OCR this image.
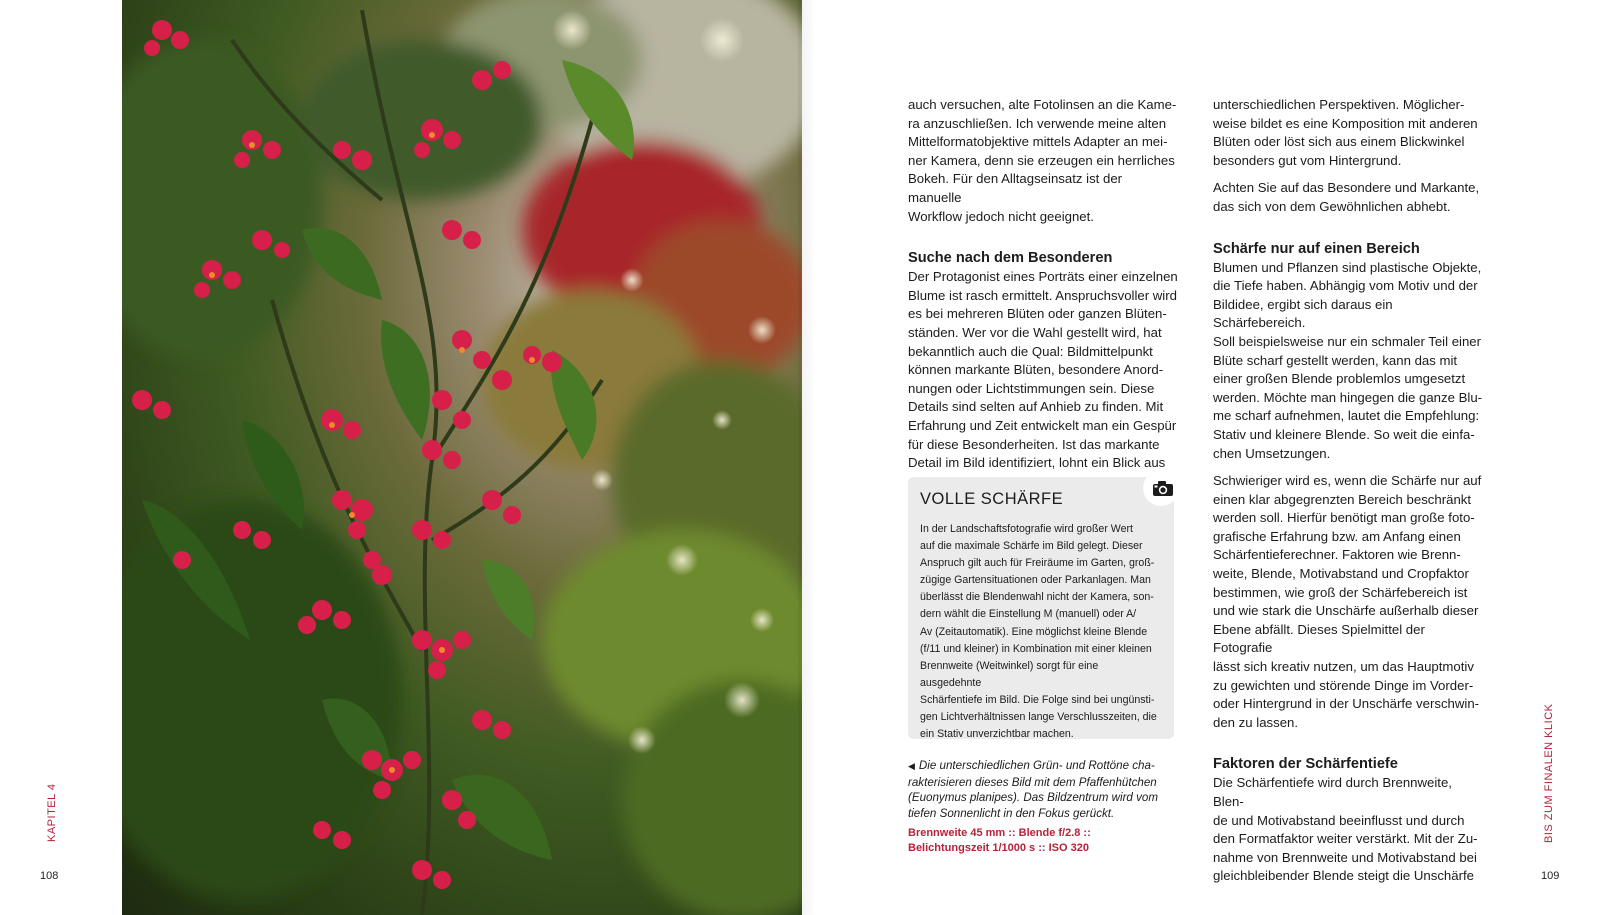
KAPITEL 4
108

auch versuchen, alte Fotolinsen an die Kame-
ra anzuschließen. Ich verwende meine alten
Mittelformatobjektive mittels Adapter an mei-
ner Kamera, denn sie erzeugen ein herrliches
Bokeh. Für den Alltagseinsatz ist der manuelle
Workflow jedoch nicht geeignet.

Suche nach dem Besonderen

Der Protagonist eines Porträts einer einzelnen
Blume ist rasch ermittelt. Anspruchsvoller wird
es bei mehreren Blüten oder ganzen Blüten-
ständen. Wer vor die Wahl gestellt wird, hat
bekanntlich auch die Qual: Bildmittelpunkt
können markante Blüten, besondere Anord-
nungen oder Lichtstimmungen sein. Diese
Details sind selten auf Anhieb zu finden. Mit
Erfahrung und Zeit entwickelt man ein Gespür
für diese Besonderheiten. Ist das markante
Detail im Bild identifiziert, lohnt ein Blick aus

VOLLE SCHÄRFE
In der Landschaftsfotografie wird großer Wert
auf die maximale Schärfe im Bild gelegt. Dieser
Anspruch gilt auch für Freiräume im Garten, groß-
zügige Gartensituationen oder Parkanlagen. Man
überlässt die Blendenwahl nicht der Kamera, son-
dern wählt die Einstellung M (manuell) oder A/
Av (Zeitautomatik). Eine möglichst kleine Blende
(f/11 und kleiner) in Kombination mit einer kleinen
Brennweite (Weitwinkel) sorgt für eine ausgedehnte
Schärfentiefe im Bild. Die Folge sind bei ungünsti-
gen Lichtverhältnissen lange Verschlusszeiten, die
ein Stativ unverzichtbar machen.
◀ Die unterschiedlichen Grün- und Rottöne cha-
rakterisieren dieses Bild mit dem Pfaffenhütchen
(Euonymus planipes). Das Bildzentrum wird vom
tiefen Sonnenlicht in den Fokus gerückt.
Brennweite 45 mm :: Blende f/2.8 ::
Belichtungszeit 1/1000 s :: ISO 320

unterschiedlichen Perspektiven. Möglicher-
weise bildet es eine Komposition mit anderen
Blüten oder löst sich aus einem Blickwinkel
besonders gut vom Hintergrund.

Achten Sie auf das Besondere und Markante,
das sich von dem Gewöhnlichen abhebt.

Schärfe nur auf einen Bereich

Blumen und Pflanzen sind plastische Objekte,
die Tiefe haben. Abhängig vom Motiv und der
Bildidee, ergibt sich daraus ein Schärfebereich.
Soll beispielsweise nur ein schmaler Teil einer
Blüte scharf gestellt werden, kann das mit
einer großen Blende problemlos umgesetzt
werden. Möchte man hingegen die ganze Blu-
me scharf aufnehmen, lautet die Empfehlung:
Stativ und kleinere Blende. So weit die einfa-
chen Umsetzungen.

Schwieriger wird es, wenn die Schärfe nur auf
einen klar abgegrenzten Bereich beschränkt
werden soll. Hierfür benötigt man große foto-
grafische Erfahrung bzw. am Anfang einen
Schärfentieferechner. Faktoren wie Brenn-
weite, Blende, Motivabstand und Cropfaktor
bestimmen, wie groß der Schärfebereich ist
und wie stark die Unschärfe außerhalb dieser
Ebene abfällt. Dieses Spielmittel der Fotografie
lässt sich kreativ nutzen, um das Hauptmotiv
zu gewichten und störende Dinge im Vorder-
oder Hintergrund in der Unschärfe verschwin-
den zu lassen.

Faktoren der Schärfentiefe

Die Schärfentiefe wird durch Brennweite, Blen-
de und Motivabstand beeinflusst und durch
den Formatfaktor weiter verstärkt. Mit der Zu-
nahme von Brennweite und Motivabstand bei
gleichbleibender Blende steigt die Unschärfe

BIS ZUM FINALEN KLICK
109
